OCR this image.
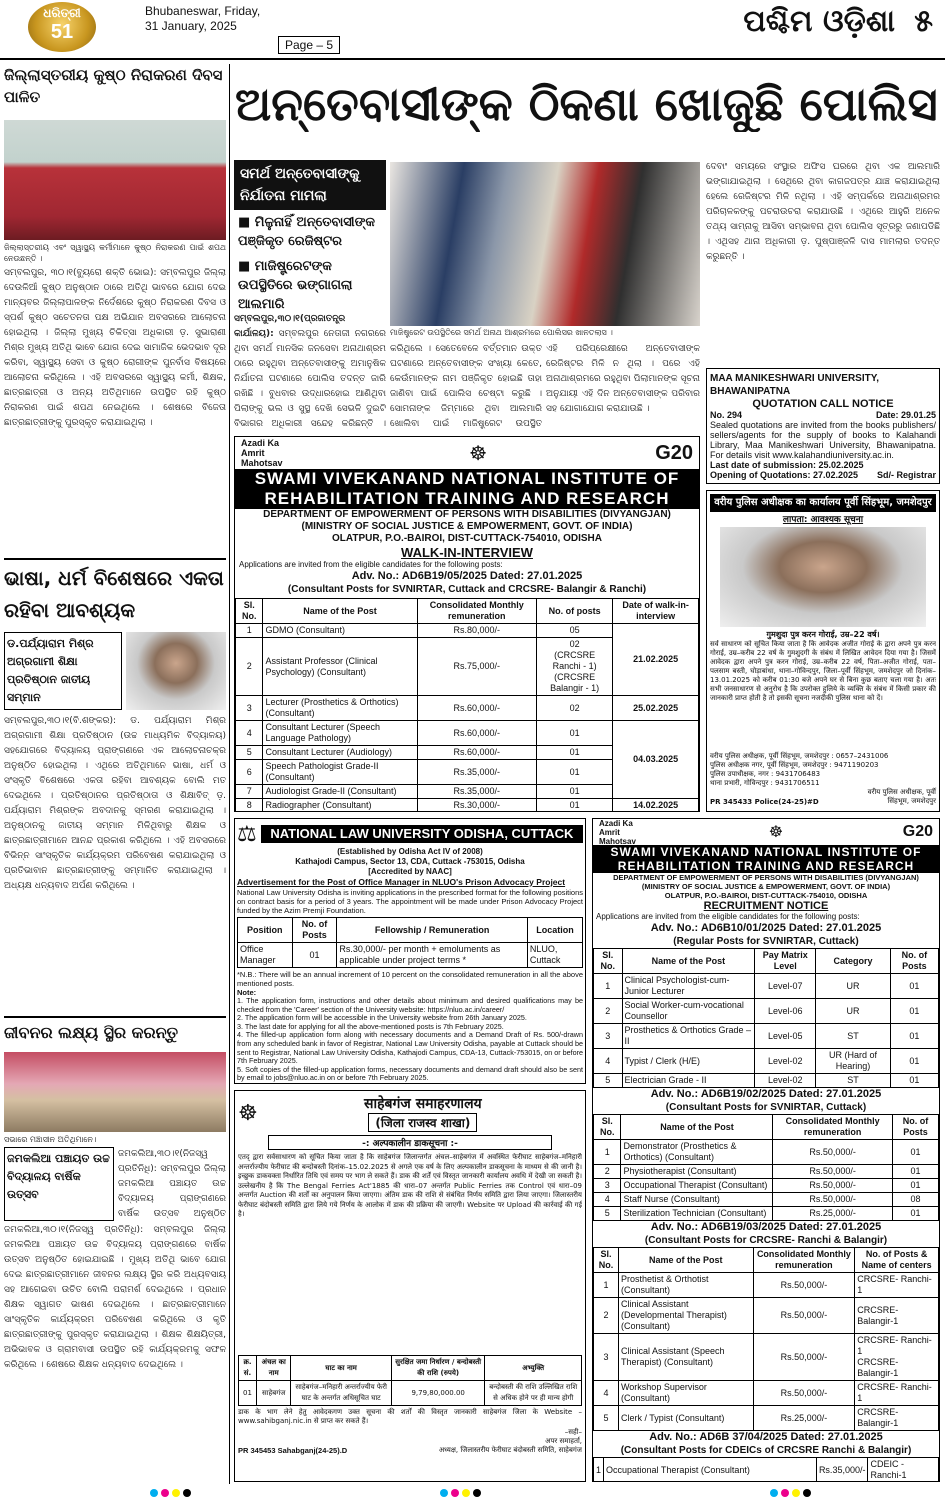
ଧରିତ୍ରୀ
51
Bhubaneswar, Friday,
31 January, 2025
Page – 5
ପଶ୍ଚିମ ଓଡ଼ିଶା ୫
ଜିଲ୍ଲାସ୍ତରୀୟ କୁଷ୍ଠ ନିରାକରଣ ଦିବସ ପାଳିତ
ଜିଲ୍ଲାସ୍ତରୀୟ ଏବଂ ସ୍ୱାସ୍ଥ୍ୟ କର୍ମୀମାନେ କୁଷ୍ଠ ନିରାକରଣ ପାଇଁ ଶପଥ ନେଉଛନ୍ତି ।
ସମ୍ବଲପୁର, ୩୦।୧(ବ୍ୟୁରୋ ଶକ୍ତି ଭୋଇ): ସମ୍ବଲପୁର ଜିଲ୍ଲା ଦେଉଳିଆଁ କୁଷ୍ଠ ଅନୁଷ୍ଠାନ ଠାରେ ଅତିଥି ଭାବରେ ଯୋଗ ଦେଇ ମାନ୍ୟବର ଜିଲ୍ଲାପାଳଙ୍କ ନିର୍ଦେଶରେ କୁଷ୍ଠ ନିରାକରଣ ଦିବସ ଓ ସ୍ପର୍ଶ କୁଷ୍ଠ ସଚେତନତା ପକ୍ଷ ଅଭିଯାନ ଅବସରରେ ଆଲୋଚନା ହୋଇଥିଲା । ଜିଲ୍ଲା ମୁଖ୍ୟ ଚିକିତ୍ସା ଅଧିକାରୀ ଡ଼. ସୁଭାରାଣୀ ମିଶ୍ର ମୁଖ୍ୟ ଅତିଥି ଭାବେ ଯୋଗ ଦେଇ ସାମାଜିକ ଭେଦଭାବ ଦୂର କରିବା, ସ୍ୱାସ୍ଥ୍ୟ ସେବା ଓ କୁଷ୍ଠ ରୋଗୀଙ୍କ ପୁନର୍ବାସ ବିଷୟରେ ଆଲୋଚନା କରିଥିଲେ । ଏହି ଅବସରରେ ସ୍ୱାସ୍ଥ୍ୟ କର୍ମୀ, ଶିକ୍ଷକ, ଛାତ୍ରଛାତ୍ରୀ ଓ ଅନ୍ୟ ଅତିଥିମାନେ ଉପସ୍ଥିତ ରହି କୁଷ୍ଠ ନିରାକରଣ ପାଇଁ ଶପଥ ନେଇଥିଲେ । ଶେଷରେ ବିଜେତା ଛାତ୍ରଛାତ୍ରୀଙ୍କୁ ପୁରସ୍କୃତ କରାଯାଇଥିଲା ।
ଭାଷା, ଧର୍ମ ବିଶେଷରେ ଏକତା ରହିବା ଆବଶ୍ୟକ
ଡ.ପର୍ଯ୍ୟାରାମ ମିଶ୍ର ଅଗ୍ରଗାମୀ ଶିକ୍ଷା ପ୍ରତିଷ୍ଠାନ ଜାତୀୟ ସମ୍ମାନ
ସମ୍ବଲପୁର,୩୦।୧(ବି.ଶଙ୍କର): ଡ. ପର୍ଯ୍ୟାରାମ ମିଶ୍ର ଅଗ୍ରଗାମୀ ଶିକ୍ଷା ପ୍ରତିଷ୍ଠାନ (ଉଚ୍ଚ ମାଧ୍ୟମିକ ବିଦ୍ୟାଳୟ) ସହଯୋଗରେ ବିଦ୍ୟାଳୟ ପ୍ରାଙ୍ଗଣରେ ଏକ ଆଲୋଚନାଚକ୍ର ଅନୁଷ୍ଠିତ ହୋଇଥିଲା । ଏଥିରେ ଅତିଥିମାନେ ଭାଷା, ଧର୍ମ ଓ ସଂସ୍କୃତି ବିଶେଷରେ ଏକତା ରହିବା ଆବଶ୍ୟକ ବୋଲି ମତ ଦେଇଥିଲେ । ପ୍ରତିଷ୍ଠାନର ପ୍ରତିଷ୍ଠାତା ଓ ଶିକ୍ଷାବିତ୍ ଡ଼. ପର୍ଯ୍ୟାରାମ ମିଶ୍ରଙ୍କ ଅବଦାନକୁ ସ୍ମରଣ କରାଯାଇଥିଲା । ଅନୁଷ୍ଠାନକୁ ଜାତୀୟ ସମ୍ମାନ ମିଳିଥିବାରୁ ଶିକ୍ଷକ ଓ ଛାତ୍ରଛାତ୍ରୀମାନେ ଆନନ୍ଦ ପ୍ରକାଶ କରିଥିଲେ । ଏହି ଅବସରରେ ବିଭିନ୍ନ ସାଂସ୍କୃତିକ କାର୍ଯ୍ୟକ୍ରମ ପରିବେଷଣ କରାଯାଇଥିଲା ଓ ପ୍ରତିଭାବାନ ଛାତ୍ରଛାତ୍ରୀଙ୍କୁ ସମ୍ମାନିତ କରାଯାଇଥିଲା । ଅଧ୍ୟକ୍ଷ ଧନ୍ୟବାଦ ଅର୍ପଣ କରିଥିଲେ ।
ଜୀବନର ଲକ୍ଷ୍ୟ ସ୍ଥିର କରନ୍ତୁ
ସଭାରେ ମଞ୍ଚାସୀନ ଅତିଥିମାନେ।
ଜମକଲିଆ ପଞ୍ଚାୟତ ଉଚ୍ଚ ବିଦ୍ୟାଳୟ ବାର୍ଷିକ ଉତ୍ସବ
ଜମକଲିଆ,୩୦।୧(ନିଜସ୍ୱ ପ୍ରତିନିଧି): ସମ୍ବଲପୁର ଜିଲ୍ଲା ଜମକଲିଆ ପଞ୍ଚାୟତ ଉଚ୍ଚ ବିଦ୍ୟାଳୟ ପ୍ରାଙ୍ଗଣରେ ବାର୍ଷିକ ଉତ୍ସବ ଅନୁଷ୍ଠିତ
ଜମକଲିଆ,୩୦।୧(ନିଜସ୍ୱ ପ୍ରତିନିଧି): ସମ୍ବଲପୁର ଜିଲ୍ଲା ଜମକଲିଆ ପଞ୍ଚାୟତ ଉଚ୍ଚ ବିଦ୍ୟାଳୟ ପ୍ରାଙ୍ଗଣରେ ବାର୍ଷିକ ଉତ୍ସବ ଅନୁଷ୍ଠିତ ହୋଇଯାଇଛି । ମୁଖ୍ୟ ଅତିଥି ଭାବେ ଯୋଗ ଦେଇ ଛାତ୍ରଛାତ୍ରୀମାନେ ଜୀବନର ଲକ୍ଷ୍ୟ ସ୍ଥିର କରି ଅଧ୍ୟବସାୟ ସହ ଆଗେଇବା ଉଚିତ ବୋଲି ପରାମର୍ଶ ଦେଇଥିଲେ । ପ୍ରଧାନ ଶିକ୍ଷକ ସ୍ୱାଗତ ଭାଷଣ ଦେଇଥିଲେ । ଛାତ୍ରଛାତ୍ରୀମାନେ ସାଂସ୍କୃତିକ କାର୍ଯ୍ୟକ୍ରମ ପରିବେଷଣ କରିଥିଲେ ଓ କୃତି ଛାତ୍ରଛାତ୍ରୀଙ୍କୁ ପୁରସ୍କୃତ କରାଯାଇଥିଲା । ଶିକ୍ଷକ ଶିକ୍ଷୟିତ୍ରୀ, ଅଭିଭାବକ ଓ ଗ୍ରାମବାସୀ ଉପସ୍ଥିତ ରହି କାର୍ଯ୍ୟକ୍ରମକୁ ସଫଳ କରିଥିଲେ । ଶେଷରେ ଶିକ୍ଷକ ଧନ୍ୟବାଦ ଦେଇଥିଲେ ।
ଅନ୍ତେବାସୀଙ୍କ ଠିକଣା ଖୋଜୁଛି ପୋଲିସ
ସମର୍ଥ ଅନ୍ତେବାସୀଙ୍କୁ ନିର୍ଯାତନା ମାମଲା
■ ମିଳୁନାହିଁ ଅନ୍ତେବାସୀଙ୍କ ପଞ୍ଜିକୃତ ରେଜିଷ୍ଟର
■ ମାଜିଷ୍ଟ୍ରେଟଙ୍କ ଉପସ୍ଥିତିରେ ଭଙ୍ଗାଗଲା ଆଲମାରି
ମାଜିଷ୍ଟ୍ରେଟ ଉପସ୍ଥିତିରେ ସମର୍ଥ ଅନାଥ ଆଶ୍ରମରେ ପୋଲିସର ଖାନତଲାସ ।
ସମ୍ବଲପୁର,୩୦।୧(ପ୍ରଜାତନ୍ତ୍ର କାର୍ଯାଳୟ): ସମ୍ବଲପୁର ନେତାଜୀ ନଗରରେ ଥିବା ସମର୍ଥ ମାନସିକ ଜନସେବା ଅନାଥାଶ୍ରମ ଠାରେ ରହୁଥିବା ଅନ୍ତେବାସୀଙ୍କୁ ଅମାନୁଷିକ ନିର୍ଯାତନା ଘଟଣାରେ ପୋଲିସ ତଦନ୍ତ ଜାରି ରଖିଛି । ବୁଧବାର ଉଦ୍ଧାରହୋଇ ଆଣିଥିବା ପିଲାଙ୍କୁ ଭଲ ଓ ସୁସ୍ଥ ଦେଖି ସେଭଳି ଦୁଇଟି ବିଭାଗର ଅଧିକାରୀ ସନ୍ଦେହ କରିଛନ୍ତି ।
କରିଥିଲେ । ସେତେବେଳେ ବର୍ତ୍ତମାନ ଉକ୍ତ ଘଟଣାରେ ଅନ୍ତେବାସୀଙ୍କ ସଂଖ୍ୟା କେତେ, କେଉଁମାନଙ୍କ ନାମ ପଞ୍ଜିକୃତ ହୋଇଛି ତାହା ଜାଣିବା ପାଇଁ ପୋଲିସ ଚେଷ୍ଟା କରୁଛି । ସୋମନାଙ୍କ ଜିମ୍ମାରେ ଥିବା ଆଲମାରି ଖୋଲିବା ପାଇଁ ମାଜିଷ୍ଟ୍ରେଟ ଉପସ୍ଥିତ
ଏହି ପରିପ୍ରେକ୍ଷୀରେ ଅନ୍ତେବାସୀଙ୍କ ରେଜିଷ୍ଟର ମିଳି ନ ଥିଲା । ପରେ ଏହି ଅନାଥାଶ୍ରମରେ ରହୁଥିବା ପିଲାମାନଙ୍କ ସୂଚନା ଅନୁଯାୟୀ ଏହି ଦିନ ଅନ୍ତେବାସୀଙ୍କ ପରିବାର ସହ ଯୋଗାଯୋଗ କରାଯାଉଛି ।
ଦେବାଂ ସମୟରେ ସଂସ୍ଥାର ଅଫିସ ଘରରେ ଥିବା ଏକ ଆଲମାରି ଭଙ୍ଗାଯାଇଥିଲା । ସେଥିରେ ଥିବା କାଗଜପତ୍ର ଯାଞ୍ଚ କରାଯାଇଥିଲା ହେଲେ ରେଜିଷ୍ଟର ମିଳି ନଥିଲା । ଏହି ସମ୍ପର୍କରେ ଅନାଥାଶ୍ରମର ପରିଚାଳକଙ୍କୁ ପଚରାଉଚରା କରାଯାଉଛି । ଏଥିରେ ଆହୁରି ଅନେକ ତଥ୍ୟ ସାମ୍ନାକୁ ଆସିବା ସମ୍ଭାବନା ଥିବା ପୋଲିସ ସୂତ୍ରରୁ ଜଣାପଡିଛି । ଏଥିସହ ଥାନା ଅଧିକାରୀ ଡ଼. ପୁଷ୍ପାଞ୍ଜଳି ଦାସ ମାମଲାର ତଦନ୍ତ କରୁଛନ୍ତି ।
MAA MANIKESHWARI UNIVERSITY, BHAWANIPATNA
QUOTATION CALL NOTICE
No. 294	Date: 29.01.25
Sealed quotations are invited from the books publishers/ sellers/agents for the supply of books to Kalahandi Library, Maa Manikeshwari University, Bhawanipatna. For details visit www.kalahandiuniversity.ac.in.
Last date of submission: 25.02.2025
Opening of Quotations: 27.02.2025 Sd/- Registrar
Azadi Ka Amrit Mahotsav	☸	G20
SWAMI VIVEKANAND NATIONAL INSTITUTE OF
REHABILITATION TRAINING AND RESEARCH
DEPARTMENT OF EMPOWERMENT OF PERSONS WITH DISABILITIES (DIVYANGJAN)
(MINISTRY OF SOCIAL JUSTICE & EMPOWERMENT, GOVT. OF INDIA)
OLATPUR, P.O.-BAIROI, DIST-CUTTACK-754010, ODISHA
WALK-IN-INTERVIEW
Applications are invited from the eligible candidates for the following posts:
Adv. No.: AD6B19/05/2025 Dated: 27.01.2025
(Consultant Posts for SVNIRTAR, Cuttack and CRCSRE- Balangir & Ranchi)
Sl. No.	Name of the Post	Consolidated Monthly remuneration	No. of posts	Date of walk-in-interview
1	GDMO (Consultant)	Rs.80,000/-	05	21.02.2025
2	Assistant Professor (Clinical Psychology) (Consultant)	Rs.75,000/-	02
(CRCSRE Ranchi - 1)
(CRCSRE Balangir - 1)	
3	Lecturer (Prosthetics & Orthotics) (Consultant)	Rs.60,000/-	02	25.02.2025
4	Consultant Lecturer (Speech Language Pathology)	Rs.60,000/-	01	04.03.2025
5	Consultant Lecturer (Audiology)	Rs.60,000/-	01	
6	Speech Pathologist Grade-II (Consultant)	Rs.35,000/-	01	
7	Audiologist Grade-II (Consultant)	Rs.35,000/-	01	
8	Radiographer (Consultant)	Rs.30,000/-	01	14.02.2025
वरीय पुलिस अधीक्षक का कार्यालय पूर्वी सिंहभूम, जमशेदपुर
लापता: आवश्यक सूचना
गुमशुदा पुत्र करन गोराई, उम्र–22 वर्ष।
सर्व साधारण को सूचित किया जाता है कि आवेदक अजीत गोराई के द्वारा अपने पुत्र करन गोराई, उम्र–करीब 22 वर्ष के गुमशुदगी के संबंध में लिखित आवेदन दिया गया है। जिसमें आवेदक द्वारा अपने पुत्र करन गोराई, उम्र–करीब 22 वर्ष, पिता–अजीत गोराई, पता–पलसाम बस्ती, घोड़ाबांधा, थाना–गोविन्दपुर, जिला–पूर्वी सिंहभूम, जमशेदपुर जो दिनांक–13.01.2025 को करीब 01:30 बजे अपने घर से बिना कुछ बताए चला गया है। अतः सभी जनसाधारण से अनुरोध है कि उपरोक्त हुलिये के व्यक्ति के संबंध में किसी प्रकार की जानकारी प्राप्त होती है तो इसकी सूचना नजदीकी पुलिस थाना को दें।
वरीय पुलिस अधीक्षक, पूर्वी सिंहभूम, जमशेदपुर : 0657–2431006
पुलिस अधीक्षक नगर, पूर्वी सिंहभूम, जमशेदपुर : 9471190203
पुलिस उपाधीक्षक, नगर : 9431706483
थाना प्रभारी, गोविन्दपुर : 9431706511
PR 345433 Police(24-25)#D
वरीय पुलिस अधीक्षक, पूर्वी सिंहभूम, जमशेदपुर
⚖	NATIONAL LAW UNIVERSITY ODISHA, CUTTACK
(Established by Odisha Act IV of 2008)
Kathajodi Campus, Sector 13, CDA, Cuttack -753015, Odisha
[Accredited by NAAC]
Advertisement for the Post of Office Manager in NLUO's Prison Advocacy Project
National Law University Odisha is inviting applications in the prescribed format for the following positions on contract basis for a period of 3 years. The appointment will be made under Prison Advocacy Project funded by the Azim Premji Foundation.
Position	No. of Posts	Fellowship / Remuneration	Location
Office Manager	01	Rs.30,000/- per month + emoluments as applicable under project terms *	NLUO, Cuttack
*N.B.: There will be an annual increment of 10 percent on the consolidated remuneration in all the above mentioned posts.
Note:
1. The application form, instructions and other details about minimum and desired qualifications may be checked from the 'Career' section of the University website: https://nluo.ac.in/career/
2. The application form will be accessible in the University website from 26th January 2025.
3. The last date for applying for all the above-mentioned posts is 7th February 2025.
4. The filled-up application form along with necessary documents and a Demand Draft of Rs. 500/-drawn from any scheduled bank in favor of Registrar, National Law University Odisha, payable at Cuttack should be sent to Registrar, National Law University Odisha, Kathajodi Campus, CDA-13, Cuttack-753015, on or before 7th February 2025.
5. Soft copies of the filled-up application forms, necessary documents and demand draft should also be sent by email to jobs@nluo.ac.in on or before 7th February 2025.
☸	साहेबगंज समाहरणालय
(जिला राजस्व शाखा)
-: अल्पकालीन डाकसूचना :-
एतद् द्वारा सर्वसाधारण को सूचित किया जाता है कि साहेबगंज जिलान्तर्गत अंचल–साहेबगंज में अवस्थित फेरीघाट साहेबगंज–मनिहारी अन्तर्राज्यीय फेरीघाट की बन्दोबस्ती दिनांक–15.02.2025 से अगले एक वर्ष के लिए अल्पकालीन डाकसूचना के माध्यम से की जानी है। इच्छुक डाकवक्ता निर्धारित तिथि एवं समय पर भाग ले सकते हैं। डाक की शर्तें एवं विस्तृत जानकारी कार्यालय अवधि में देखी जा सकती है। उल्लेखनीय है कि The Bengal Ferries Act'1885 की धारा–07 अन्तर्गत Public Ferries तक Control एवं धारा–09 अन्तर्गत Auction की शर्तों का अनुपालन किया जाएगा। अंतिम डाक की राशि से संबंधित निर्णय समिति द्वारा लिया जाएगा। जिलास्तरीय फेरीघाट बंदोबस्ती समिति द्वारा लिये गये निर्णय के आलोक में डाक की प्रक्रिया की जाएगी। Website पर Upload की कार्रवाई की गई है।
क्र. सं.	अंचल का नाम	घाट का नाम	सुरक्षित जमा निर्धारण / बन्दोबस्ती की राशि (रुपये)	अभ्युक्ति
01	साहेबगंज	साहेबगंज–मनिहारी अन्तर्राज्यीय फेरी घाट के अन्तर्गत अधिसूचित घाट	9,79,80,000.00	बन्दोबस्ती की राशि उल्लिखित राशि से अधिक होने पर ही मान्य होगी
डाक के भाग लेने हेतु आवेदकगण उक्त सूचना की शर्तों की विस्तृत जानकारी साहेबगंज जिला के Website – www.sahibganj.nic.in से प्राप्त कर सकते हैं।
PR 345453 Sahabganj(24-25).D
–सही–
अपर समाहर्ता,
अध्यक्ष, जिलास्तरीय फेरीघाट बंदोबस्ती समिति, साहेबगंज
Azadi Ka Amrit Mahotsav	☸	G20
SWAMI VIVEKANAND NATIONAL INSTITUTE OF
REHABILITATION TRAINING AND RESEARCH
DEPARTMENT OF EMPOWERMENT OF PERSONS WITH DISABILITIES (DIVYANGJAN)
(MINISTRY OF SOCIAL JUSTICE & EMPOWERMENT, GOVT. OF INDIA)
OLATPUR, P.O.-BAIROI, DIST-CUTTACK-754010, ODISHA
RECRUITMENT NOTICE
Applications are invited from the eligible candidates for the following posts:
Adv. No.: AD6B10/01/2025 Dated: 27.01.2025
(Regular Posts for SVNIRTAR, Cuttack)
Sl. No.	Name of the Post	Pay Matrix Level	Category	No. of Posts
1	Clinical Psychologist-cum-Junior Lecturer	Level-07	UR	01
2	Social Worker-cum-vocational Counsellor	Level-06	UR	01
3	Prosthetics & Orthotics Grade – II	Level-05	ST	01
4	Typist / Clerk (H/E)	Level-02	UR (Hard of Hearing)	01
5	Electrician Grade - II	Level-02	ST	01
Adv. No.: AD6B19/02/2025 Dated: 27.01.2025
(Consultant Posts for SVNIRTAR, Cuttack)
Sl. No.	Name of the Post	Consolidated Monthly remuneration	No. of Posts
1	Demonstrator (Prosthetics & Orthotics) (Consultant)	Rs.50,000/-	01
2	Physiotherapist (Consultant)	Rs.50,000/-	01
3	Occupational Therapist (Consultant)	Rs.50,000/-	01
4	Staff Nurse (Consultant)	Rs.50,000/-	08
5	Sterilization Technician (Consultant)	Rs.25,000/-	01
Adv. No.: AD6B19/03/2025 Dated: 27.01.2025
(Consultant Posts for CRCSRE- Ranchi & Balangir)
Sl. No.	Name of the Post	Consolidated Monthly remuneration	No. of Posts & Name of centers
1	Prosthetist & Orthotist (Consultant)	Rs.50,000/-	CRCSRE- Ranchi-1
2	Clinical Assistant (Developmental Therapist) (Consultant)	Rs.50,000/-	CRCSRE- Balangir-1
3	Clinical Assistant (Speech Therapist) (Consultant)	Rs.50,000/-	CRCSRE- Ranchi-1
CRCSRE- Balangir-1
4	Workshop Supervisor (Consultant)	Rs.50,000/-	CRCSRE- Ranchi-1
5	Clerk / Typist (Consultant)	Rs.25,000/-	CRCSRE- Balangir-1
Adv. No.: AD6B 37/04/2025 Dated: 27.01.2025
(Consultant Posts for CDEICs of CRCSRE Ranchi & Balangir)
1	Occupational Therapist (Consultant)	Rs.35,000/-	CDEIC - Ranchi-1
